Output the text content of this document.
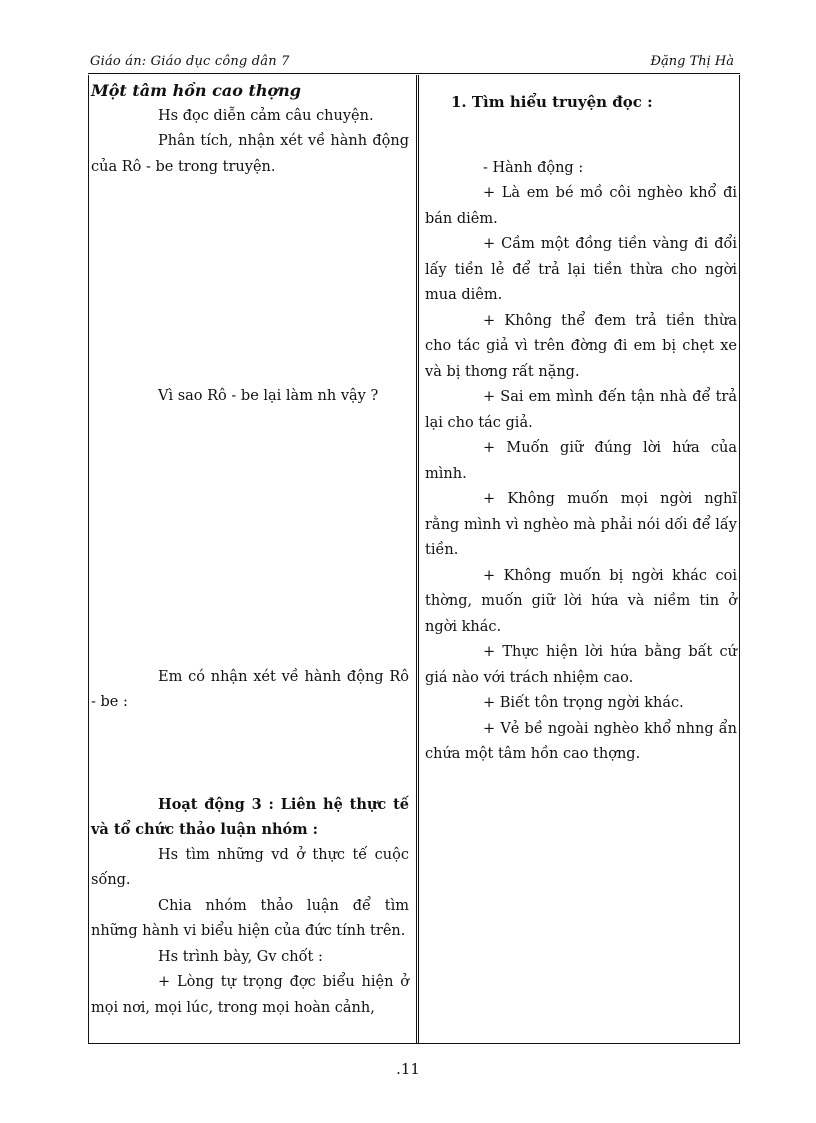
Giáo án: Giáo dục công dân 7	Đặng Thị Hà

Một tâm hồn cao thợng

Hs đọc diễn cảm câu chuyện.

Phân tích, nhận xét về hành động của Rô - be trong truyện.

Vì sao Rô - be lại làm nh vậy ?

Em có nhận xét về hành động Rô - be :

Hoạt động 3 : Liên hệ thực tế và tổ chức thảo luận nhóm :

Hs tìm những vd ở thực tế cuộc sống.

Chia nhóm thảo luận để tìm những hành vi biểu hiện của đức tính trên.

Hs trình bày, Gv chốt :

+ Lòng tự trọng đợc biểu hiện ở mọi nơi, mọi lúc, trong mọi hoàn cảnh,

1. Tìm hiểu truyện đọc :

- Hành động :

+ Là em bé mồ côi nghèo khổ đi bán diêm.

+ Cầm một đồng tiền vàng đi đổi lấy tiền lẻ để trả lại tiền thừa cho ngời mua diêm.

+ Không thể đem trả tiền thừa cho tác giả vì trên đờng đi em bị chẹt xe và bị thơng rất nặng.

+ Sai em mình đến tận nhà để trả lại cho tác giả.

+ Muốn giữ đúng lời hứa của mình.

+ Không muốn mọi ngời nghĩ rằng mình vì nghèo mà phải nói dối để lấy tiền.

+ Không muốn bị ngời khác coi thờng, muốn giữ lời hứa và niềm tin ở ngời khác.

+ Thực hiện lời hứa bằng bất cứ giá nào với trách nhiệm cao.

+ Biết tôn trọng ngời khác.

+ Vẻ bề ngoài nghèo khổ nhng ẩn chứa một tâm hồn cao thợng.

.11
